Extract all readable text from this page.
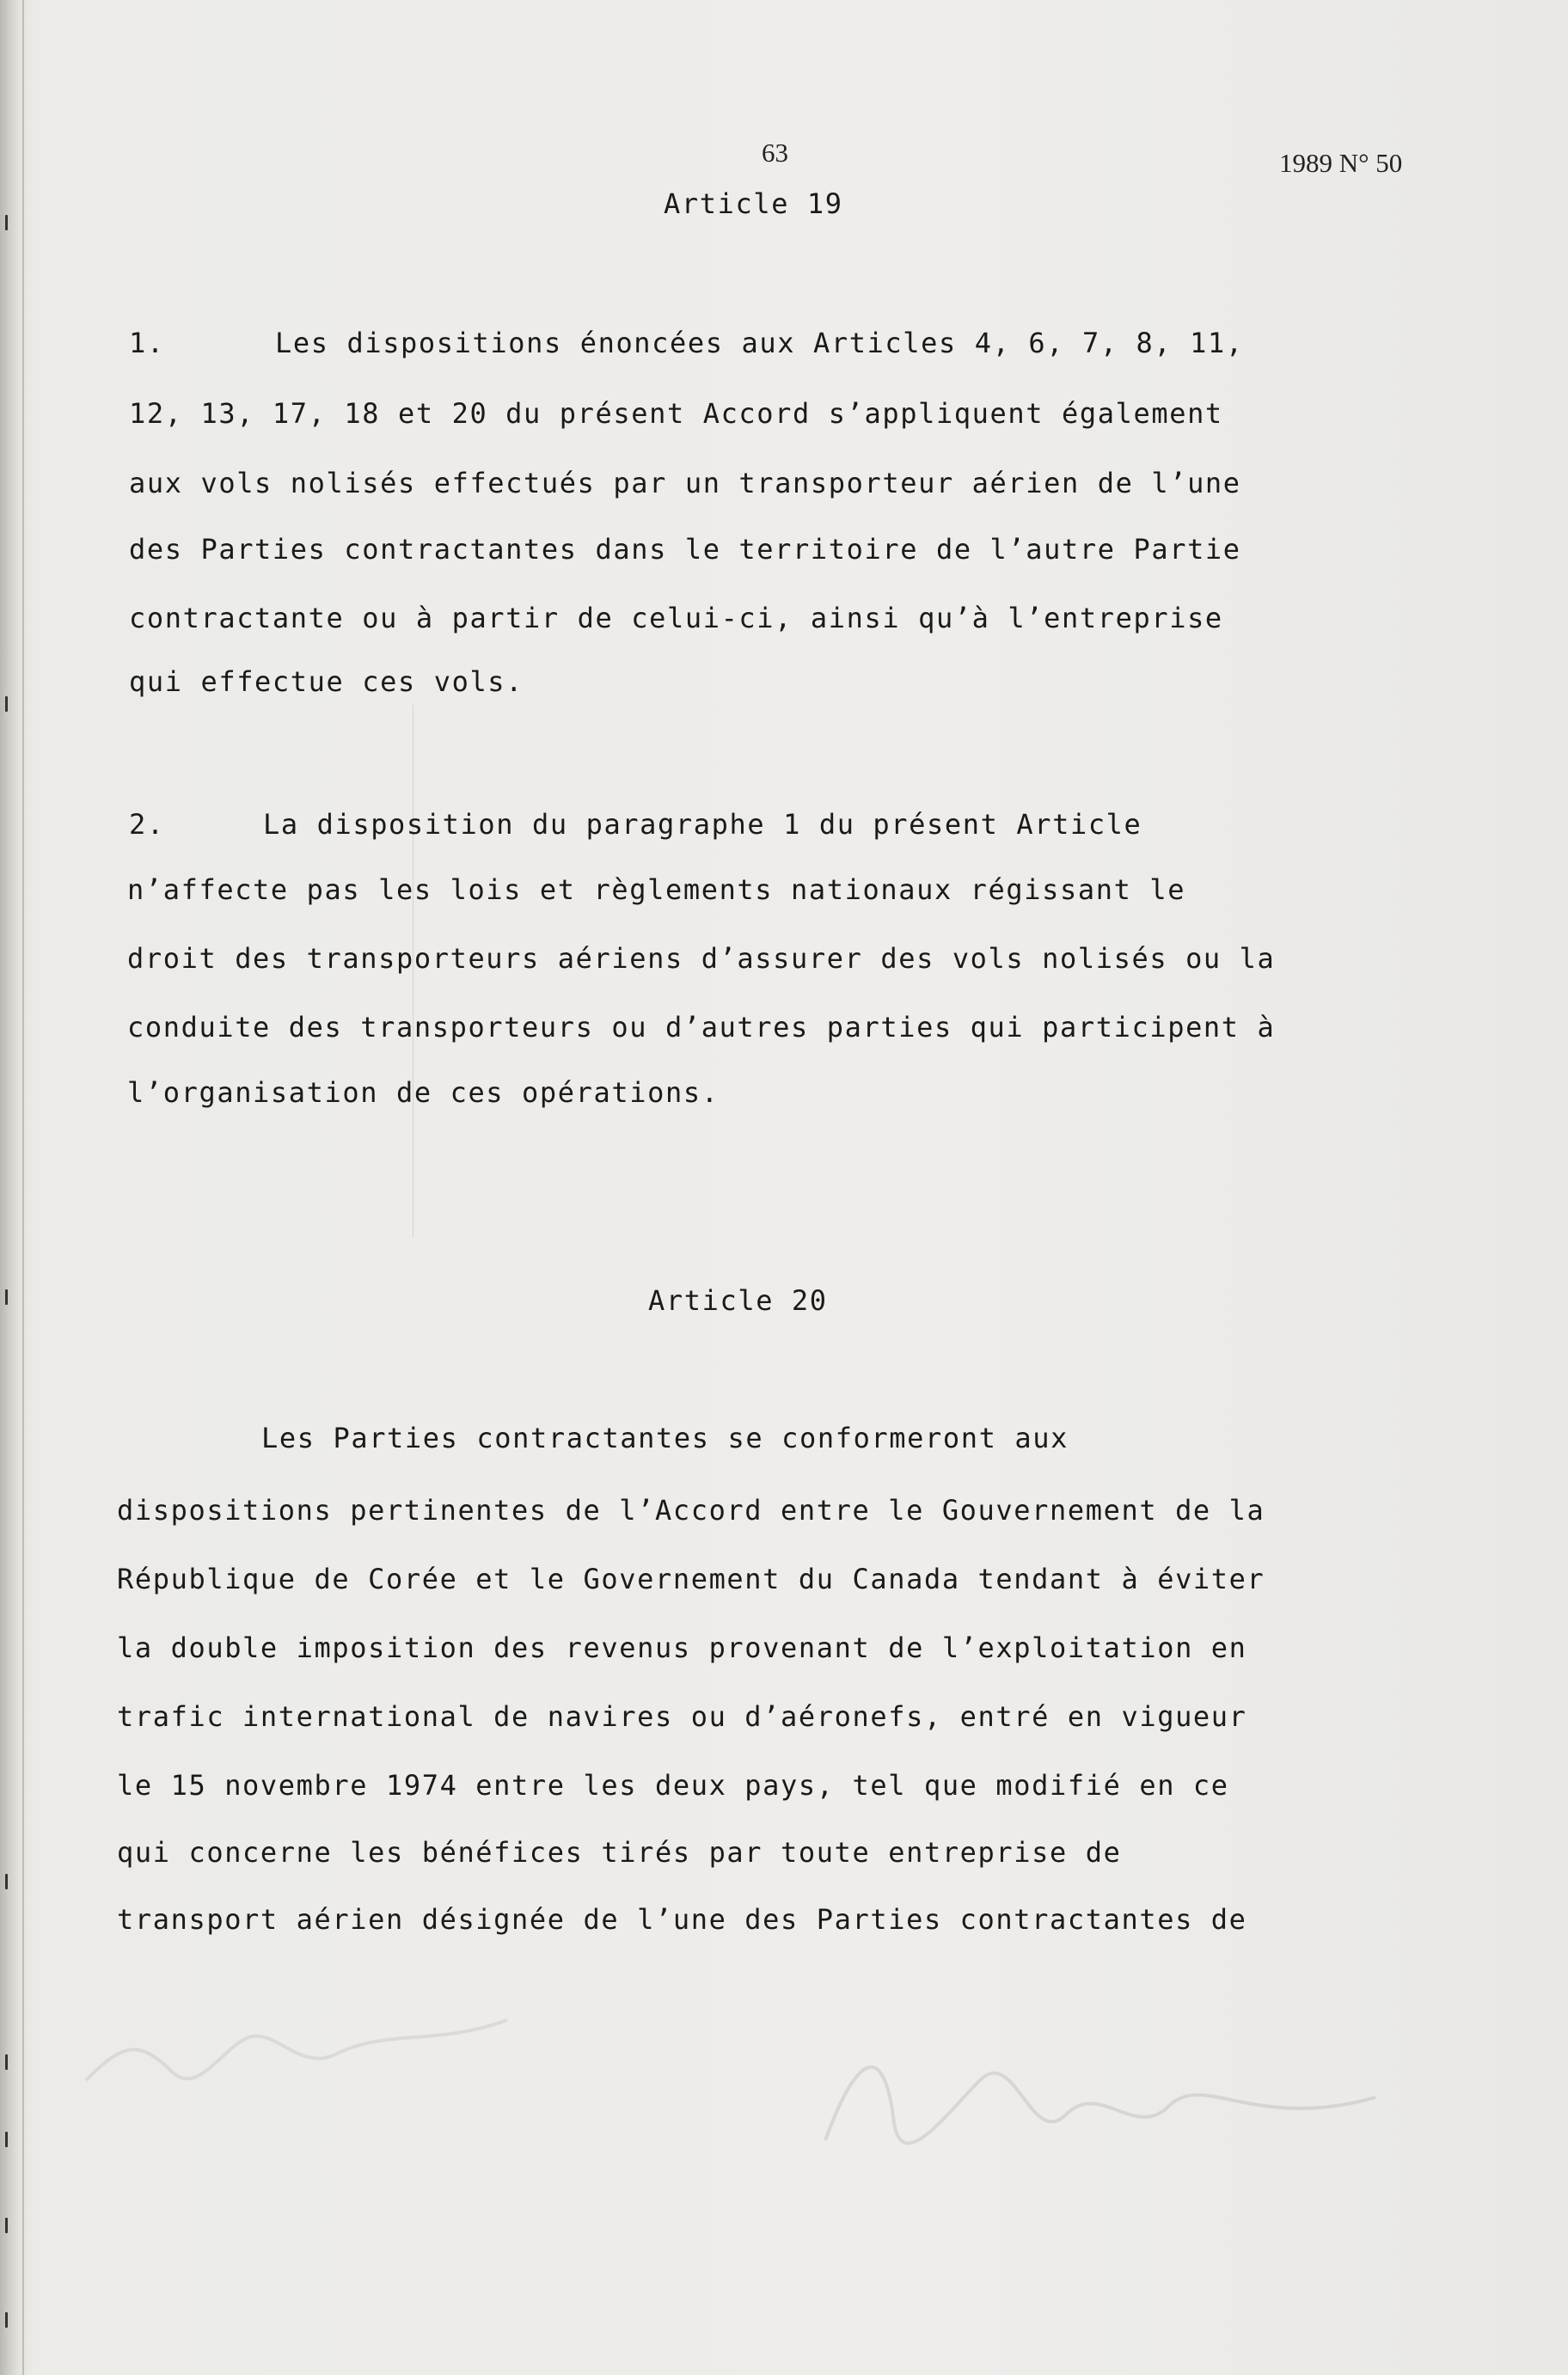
63	1989 N° 50
Article 19
1.	Les dispositions énoncées aux Articles 4, 6, 7, 8, 11,
12, 13, 17, 18 et 20 du présent Accord s’appliquent également
aux vols nolisés effectués par un transporteur aérien de l’une
des Parties contractantes dans le territoire de l’autre Partie
contractante ou à partir de celui-ci, ainsi qu’à l’entreprise
qui effectue ces vols.
2.	La disposition du paragraphe 1 du présent Article
n’affecte pas les lois et règlements nationaux régissant le
droit des transporteurs aériens d’assurer des vols nolisés ou la
conduite des transporteurs ou d’autres parties qui participent à
l’organisation de ces opérations.
Article 20
Les Parties contractantes se conformeront aux
dispositions pertinentes de l’Accord entre le Gouvernement de la
République de Corée et le Governement du Canada tendant à éviter
la double imposition des revenus provenant de l’exploitation en
trafic international de navires ou d’aéronefs, entré en vigueur
le 15 novembre 1974 entre les deux pays, tel que modifié en ce
qui concerne les bénéfices tirés par toute entreprise de
transport aérien désignée de l’une des Parties contractantes de
